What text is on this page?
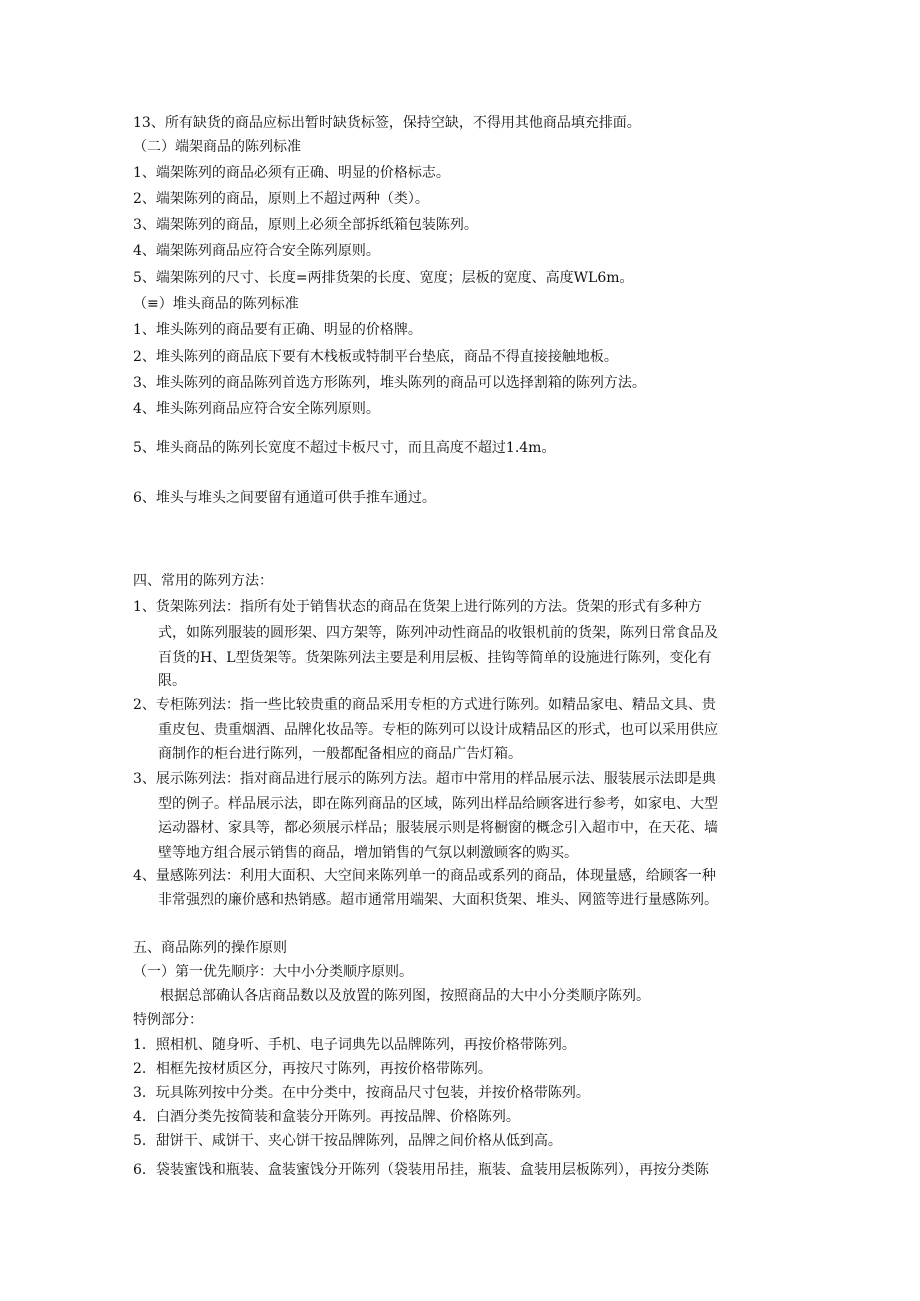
13、所有缺货的商品应标出暂时缺货标签，保持空缺，不得用其他商品填充排面。

（二）端架商品的陈列标准

1、端架陈列的商品必须有正确、明显的价格标志。

2、端架陈列的商品，原则上不超过两种（类）。

3、端架陈列的商品，原则上必须全部拆纸箱包装陈列。

4、端架陈列商品应符合安全陈列原则。

5、端架陈列的尺寸、长度=两排货架的长度、宽度；层板的宽度、高度WL6m。

（≡）堆头商品的陈列标准

1、堆头陈列的商品要有正确、明显的价格牌。

2、堆头陈列的商品底下要有木栈板或特制平台垫底，商品不得直接接触地板。

3、堆头陈列的商品陈列首选方形陈列，堆头陈列的商品可以选择割箱的陈列方法。

4、堆头陈列商品应符合安全陈列原则。

5、堆头商品的陈列长宽度不超过卡板尺寸，而且高度不超过1.4m。

6、堆头与堆头之间要留有通道可供手推车通过。

四、常用的陈列方法：

1、货架陈列法：指所有处于销售状态的商品在货架上进行陈列的方法。货架的形式有多种方

式，如陈列服装的圆形架、四方架等，陈列冲动性商品的收银机前的货架，陈列日常食品及

百货的H、L型货架等。货架陈列法主要是利用层板、挂钩等简单的设施进行陈列，变化有

限。

2、专柜陈列法：指一些比较贵重的商品采用专柜的方式进行陈列。如精品家电、精品文具、贵

重皮包、贵重烟酒、品牌化妆品等。专柜的陈列可以设计成精品区的形式，也可以采用供应

商制作的柜台进行陈列，一般都配备相应的商品广告灯箱。

3、展示陈列法：指对商品进行展示的陈列方法。超市中常用的样品展示法、服装展示法即是典

型的例子。样品展示法，即在陈列商品的区域，陈列出样品给顾客进行参考，如家电、大型

运动器材、家具等，都必须展示样品；服装展示则是将橱窗的概念引入超市中，在天花、墙

壁等地方组合展示销售的商品，增加销售的气氛以刺激顾客的购买。

4、量感陈列法：利用大面积、大空间来陈列单一的商品或系列的商品，体现量感，给顾客一种

非常强烈的廉价感和热销感。超市通常用端架、大面积货架、堆头、网篮等进行量感陈列。

五、商品陈列的操作原则

（一）第一优先顺序：大中小分类顺序原则。

根据总部确认各店商品数以及放置的陈列图，按照商品的大中小分类顺序陈列。

特例部分：

1．照相机、随身听、手机、电子词典先以品牌陈列，再按价格带陈列。

2．相框先按材质区分，再按尺寸陈列，再按价格带陈列。

3．玩具陈列按中分类。在中分类中，按商品尺寸包装，并按价格带陈列。

4．白酒分类先按简装和盒装分开陈列。再按品牌、价格陈列。

5．甜饼干、咸饼干、夹心饼干按品牌陈列，品牌之间价格从低到高。

6．袋装蜜饯和瓶装、盒装蜜饯分开陈列（袋装用吊挂，瓶装、盒装用层板陈列），再按分类陈
